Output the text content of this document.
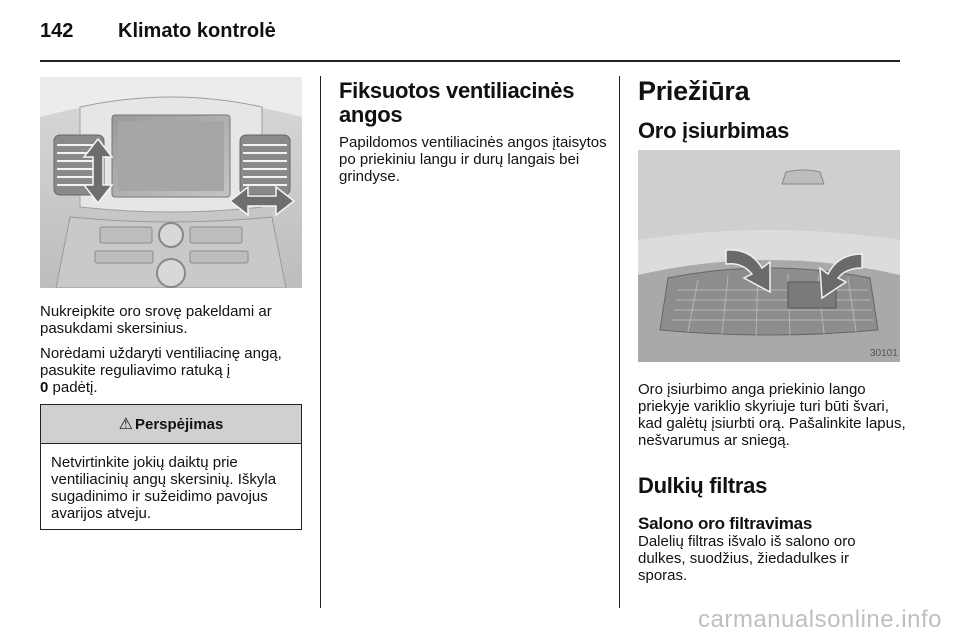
142 Klimato kontrolė

Nukreipkite oro srovę pakeldami ar pasukdami skersinius.

Norėdami uždaryti ventiliacinę angą, pasukite reguliavimo ratuką į
0 padėtį.

⚠ Perspėjimas

Netvirtinkite jokių daiktų prie ventiliacinių angų skersinių. Iškyla sugadinimo ir sužeidimo pavojus avarijos atveju.

Fiksuotos ventiliacinės angos

Papildomos ventiliacinės angos įtaisytos po priekiniu langu ir durų langais bei grindyse.

Priežiūra

Oro įsiurbimas

30101

Oro įsiurbimo anga priekinio lango priekyje variklio skyriuje turi būti švari, kad galėtų įsiurbti orą. Pašalinkite lapus, nešvarumus ar sniegą.

Dulkių filtras

Salono oro filtravimas

Dalelių filtras išvalo iš salono oro dulkes, suodžius, žiedadulkes ir sporas.

carmanualsonline.info
